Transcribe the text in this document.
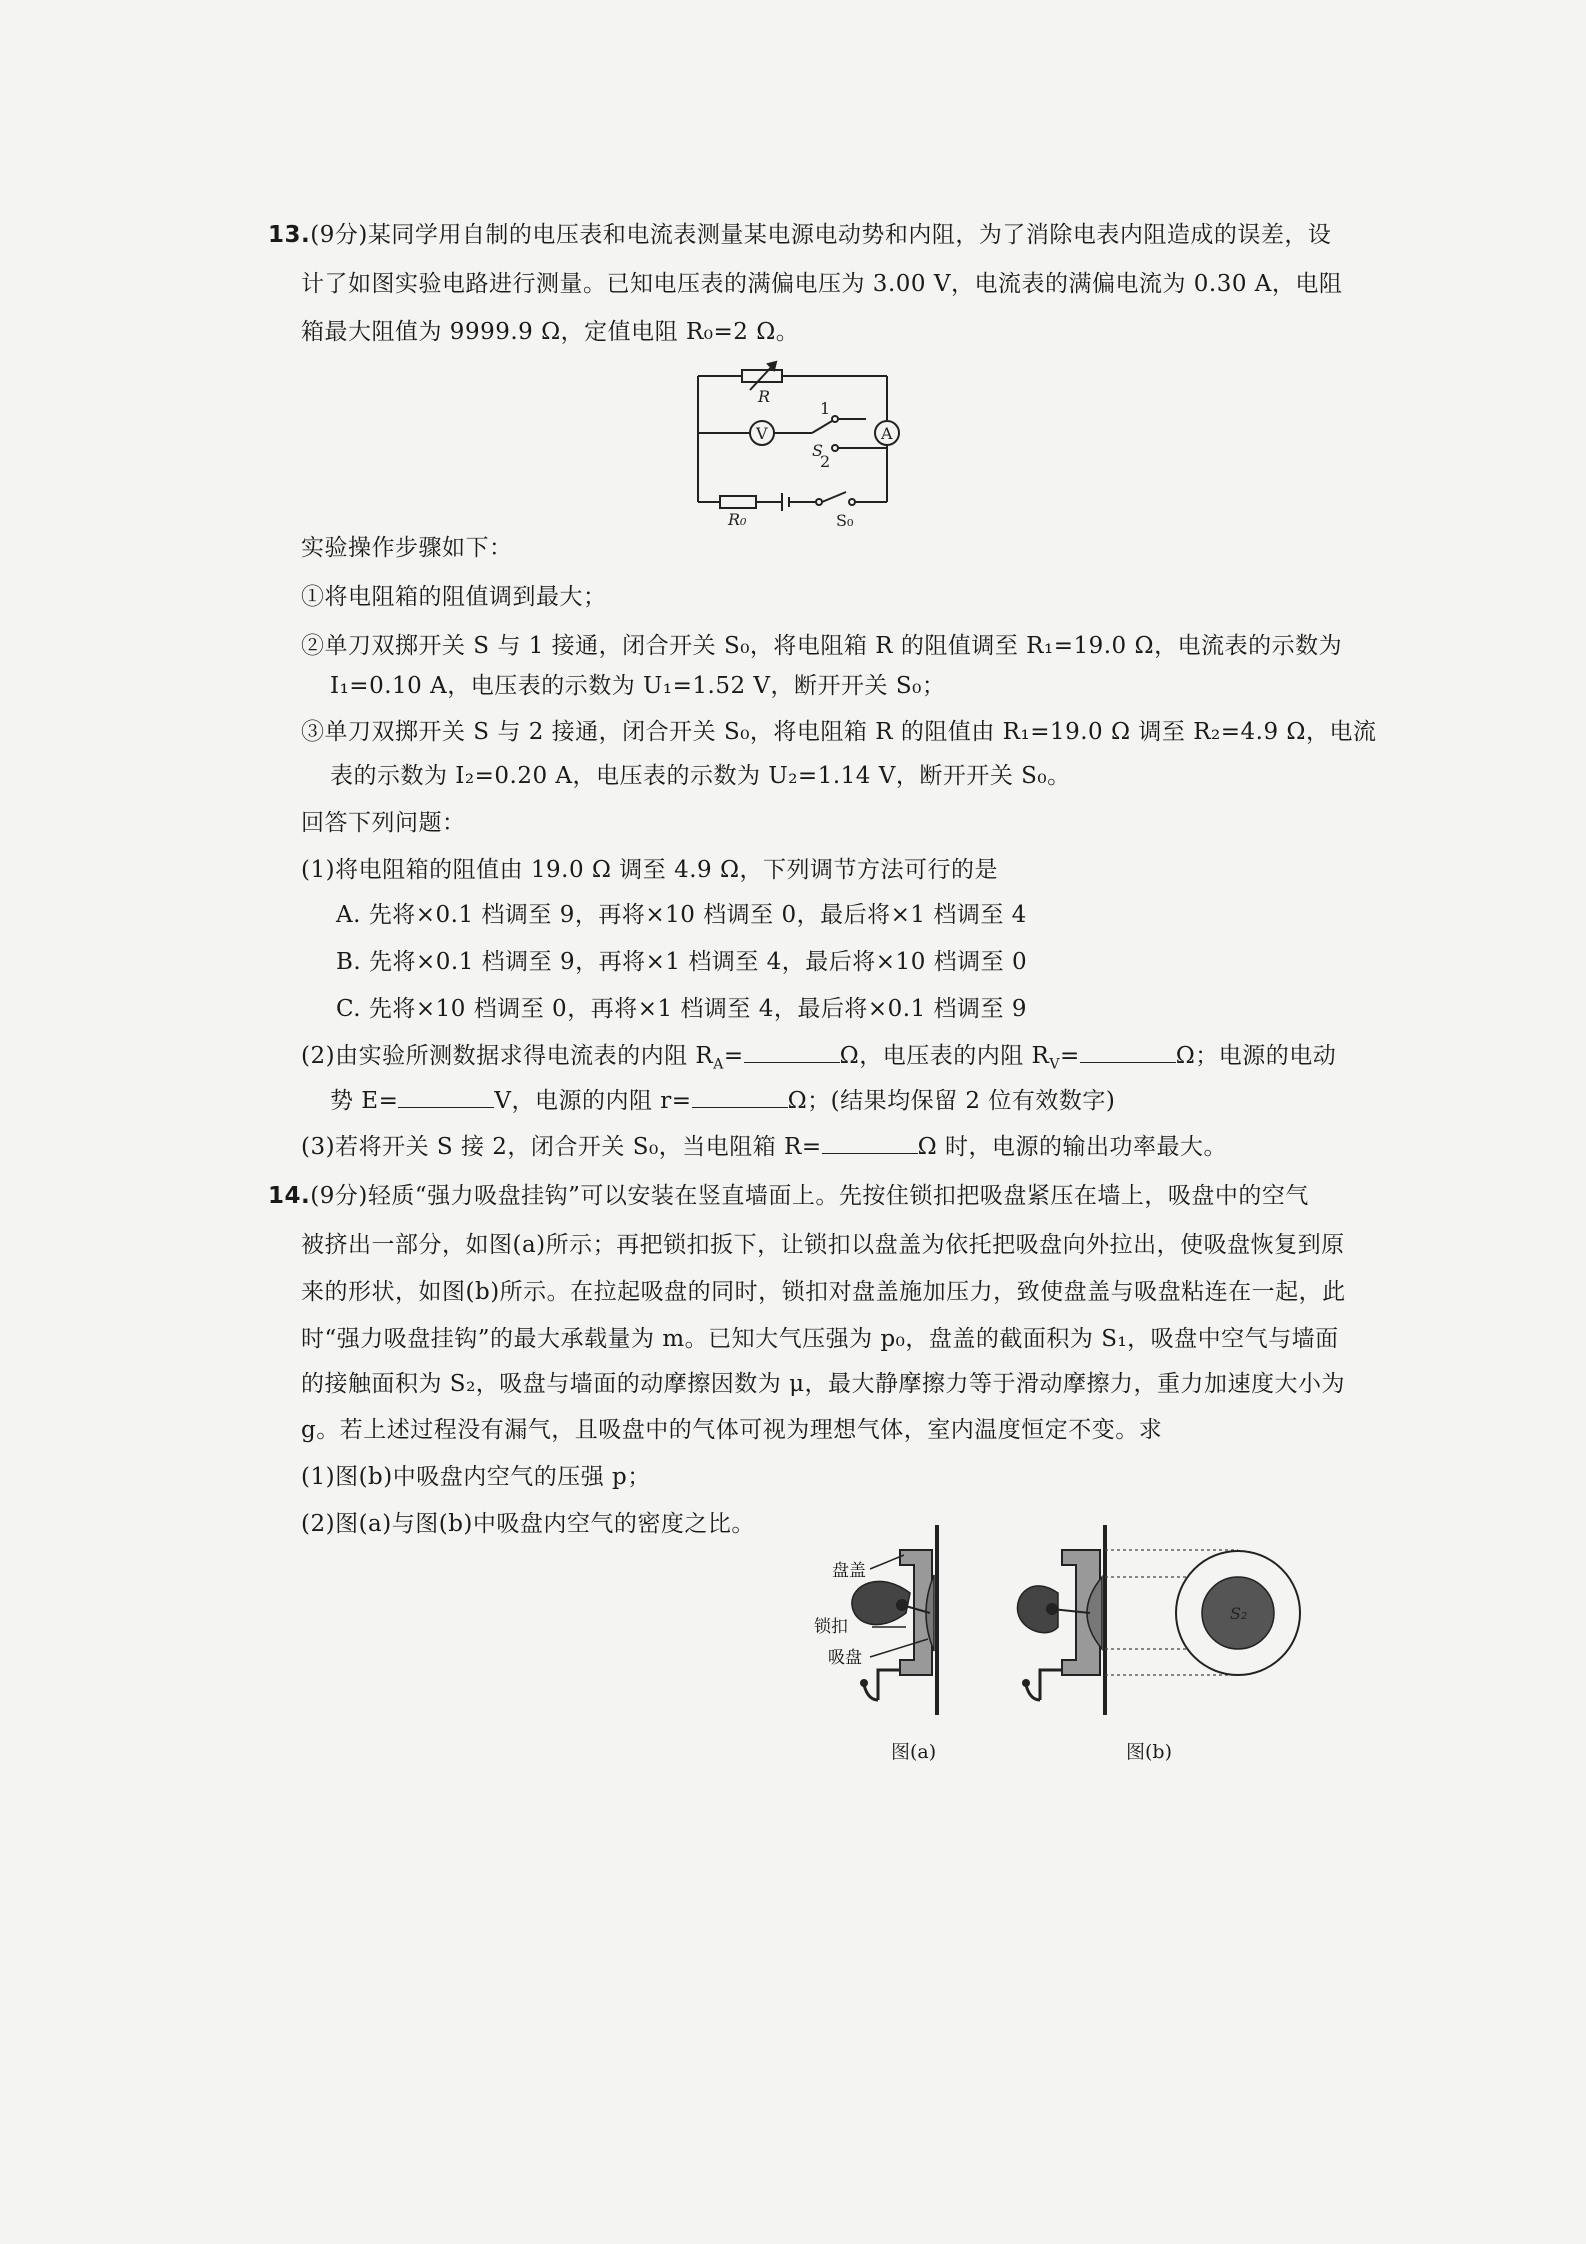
13.(9分)某同学用自制的电压表和电流表测量某电源电动势和内阻，为了消除电表内阻造成的误差，设
计了如图实验电路进行测量。已知电压表的满偏电压为 3.00 V，电流表的满偏电流为 0.30 A，电阻
箱最大阻值为 9999.9 Ω，定值电阻 R₀=2 Ω。
R
V	A
1
S
2
R₀	S₀
实验操作步骤如下：
①将电阻箱的阻值调到最大；
②单刀双掷开关 S 与 1 接通，闭合开关 S₀，将电阻箱 R 的阻值调至 R₁=19.0 Ω，电流表的示数为
I₁=0.10 A，电压表的示数为 U₁=1.52 V，断开开关 S₀；
③单刀双掷开关 S 与 2 接通，闭合开关 S₀，将电阻箱 R 的阻值由 R₁=19.0 Ω 调至 R₂=4.9 Ω，电流
表的示数为 I₂=0.20 A，电压表的示数为 U₂=1.14 V，断开开关 S₀。
回答下列问题：
(1)将电阻箱的阻值由 19.0 Ω 调至 4.9 Ω，下列调节方法可行的是
A. 先将×0.1 档调至 9，再将×10 档调至 0，最后将×1 档调至 4
B. 先将×0.1 档调至 9，再将×1 档调至 4，最后将×10 档调至 0
C. 先将×10 档调至 0，再将×1 档调至 4，最后将×0.1 档调至 9
(2)由实验所测数据求得电流表的内阻 $R_A=$	Ω，电压表的内阻 $R_V=$	Ω；电源的电动
势 E=	V，电源的内阻 r=	Ω；(结果均保留 2 位有效数字)
(3)若将开关 S 接 2，闭合开关 S₀，当电阻箱 R=	Ω 时，电源的输出功率最大。
14.(9分)轻质“强力吸盘挂钩”可以安装在竖直墙面上。先按住锁扣把吸盘紧压在墙上，吸盘中的空气
被挤出一部分，如图(a)所示；再把锁扣扳下，让锁扣以盘盖为依托把吸盘向外拉出，使吸盘恢复到原
来的形状，如图(b)所示。在拉起吸盘的同时，锁扣对盘盖施加压力，致使盘盖与吸盘粘连在一起，此
时“强力吸盘挂钩”的最大承载量为 m。已知大气压强为 p₀，盘盖的截面积为 S₁，吸盘中空气与墙面
的接触面积为 S₂，吸盘与墙面的动摩擦因数为 μ，最大静摩擦力等于滑动摩擦力，重力加速度大小为
g。若上述过程没有漏气，且吸盘中的气体可视为理想气体，室内温度恒定不变。求
(1)图(b)中吸盘内空气的压强 p；
(2)图(a)与图(b)中吸盘内空气的密度之比。
盘盖
锁扣
吸盘
S₂
图(a)	图(b)
